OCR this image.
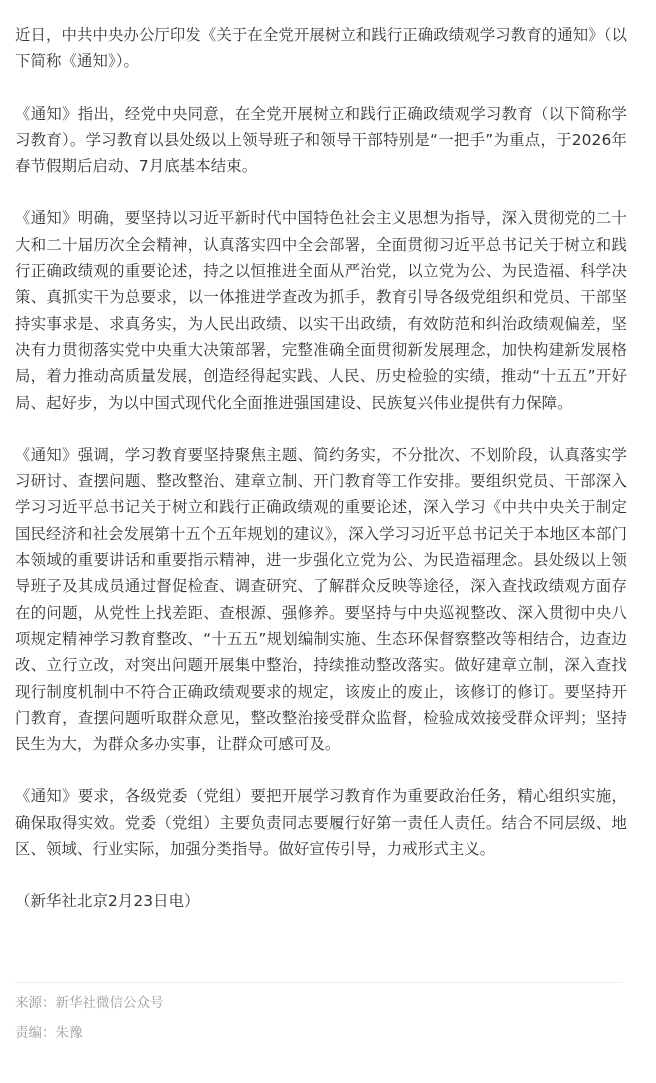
近日，中共中央办公厅印发《关于在全党开展树立和践行正确政绩观学习教育的通知》（以下简称《通知》）。

《通知》指出，经党中央同意，在全党开展树立和践行正确政绩观学习教育（以下简称学习教育）。学习教育以县处级以上领导班子和领导干部特别是“一把手”为重点，于2026年春节假期后启动、7月底基本结束。

《通知》明确，要坚持以习近平新时代中国特色社会主义思想为指导，深入贯彻党的二十大和二十届历次全会精神，认真落实四中全会部署，全面贯彻习近平总书记关于树立和践行正确政绩观的重要论述，持之以恒推进全面从严治党，以立党为公、为民造福、科学决策、真抓实干为总要求，以一体推进学查改为抓手，教育引导各级党组织和党员、干部坚持实事求是、求真务实，为人民出政绩、以实干出政绩，有效防范和纠治政绩观偏差，坚决有力贯彻落实党中央重大决策部署，完整准确全面贯彻新发展理念，加快构建新发展格局，着力推动高质量发展，创造经得起实践、人民、历史检验的实绩，推动“十五五”开好局、起好步，为以中国式现代化全面推进强国建设、民族复兴伟业提供有力保障。

《通知》强调，学习教育要坚持聚焦主题、简约务实，不分批次、不划阶段，认真落实学习研讨、查摆问题、整改整治、建章立制、开门教育等工作安排。要组织党员、干部深入学习习近平总书记关于树立和践行正确政绩观的重要论述，深入学习《中共中央关于制定国民经济和社会发展第十五个五年规划的建议》，深入学习习近平总书记关于本地区本部门本领域的重要讲话和重要指示精神，进一步强化立党为公、为民造福理念。县处级以上领导班子及其成员通过督促检查、调查研究、了解群众反映等途径，深入查找政绩观方面存在的问题，从党性上找差距、查根源、强修养。要坚持与中央巡视整改、深入贯彻中央八项规定精神学习教育整改、“十五五”规划编制实施、生态环保督察整改等相结合，边查边改、立行立改，对突出问题开展集中整治，持续推动整改落实。做好建章立制，深入查找现行制度机制中不符合正确政绩观要求的规定，该废止的废止，该修订的修订。要坚持开门教育，查摆问题听取群众意见，整改整治接受群众监督，检验成效接受群众评判；坚持民生为大，为群众多办实事，让群众可感可及。

《通知》要求，各级党委（党组）要把开展学习教育作为重要政治任务，精心组织实施，确保取得实效。党委（党组）主要负责同志要履行好第一责任人责任。结合不同层级、地区、领域、行业实际，加强分类指导。做好宣传引导，力戒形式主义。

（新华社北京2月23日电）

来源：新华社微信公众号
责编：朱豫
